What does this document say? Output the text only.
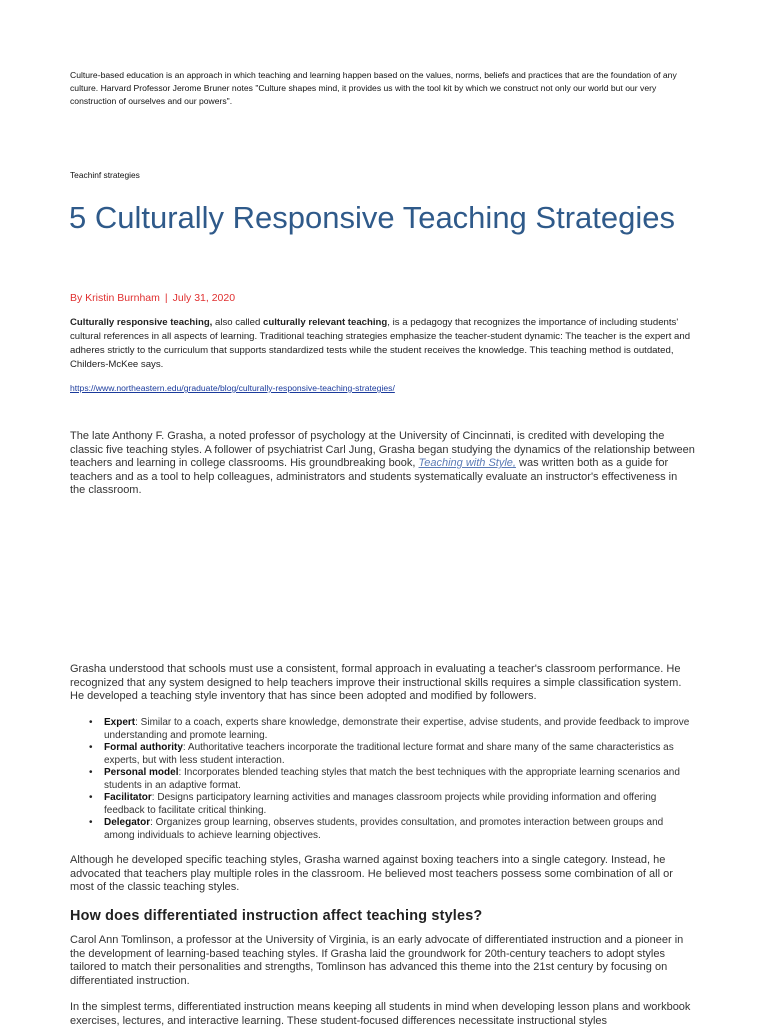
Culture-based education is an approach in which teaching and learning happen based on the values, norms, beliefs and practices that are the foundation of any culture. Harvard Professor Jerome Bruner notes "Culture shapes mind, it provides us with the tool kit by which we construct not only our world but our very construction of ourselves and our powers".

Teachinf strategies

5 Culturally Responsive Teaching Strategies

By Kristin Burnham | July 31, 2020

Culturally responsive teaching, also called culturally relevant teaching, is a pedagogy that recognizes the importance of including students' cultural references in all aspects of learning. Traditional teaching strategies emphasize the teacher-student dynamic: The teacher is the expert and adheres strictly to the curriculum that supports standardized tests while the student receives the knowledge. This teaching method is outdated, Childers-McKee says.

https://www.northeastern.edu/graduate/blog/culturally-responsive-teaching-strategies/

The late Anthony F. Grasha, a noted professor of psychology at the University of Cincinnati, is credited with developing the classic five teaching styles. A follower of psychiatrist Carl Jung, Grasha began studying the dynamics of the relationship between teachers and learning in college classrooms. His groundbreaking book, Teaching with Style, was written both as a guide for teachers and as a tool to help colleagues, administrators and students systematically evaluate an instructor's effectiveness in the classroom.

Grasha understood that schools must use a consistent, formal approach in evaluating a teacher's classroom performance. He recognized that any system designed to help teachers improve their instructional skills requires a simple classification system. He developed a teaching style inventory that has since been adopted and modified by followers.

• Expert: Similar to a coach, experts share knowledge, demonstrate their expertise, advise students, and provide feedback to improve understanding and promote learning.
• Formal authority: Authoritative teachers incorporate the traditional lecture format and share many of the same characteristics as experts, but with less student interaction.
• Personal model: Incorporates blended teaching styles that match the best techniques with the appropriate learning scenarios and students in an adaptive format.
• Facilitator: Designs participatory learning activities and manages classroom projects while providing information and offering feedback to facilitate critical thinking.
• Delegator: Organizes group learning, observes students, provides consultation, and promotes interaction between groups and among individuals to achieve learning objectives.

Although he developed specific teaching styles, Grasha warned against boxing teachers into a single category. Instead, he advocated that teachers play multiple roles in the classroom. He believed most teachers possess some combination of all or most of the classic teaching styles.

How does differentiated instruction affect teaching styles?

Carol Ann Tomlinson, a professor at the University of Virginia, is an early advocate of differentiated instruction and a pioneer in the development of learning-based teaching styles. If Grasha laid the groundwork for 20th-century teachers to adopt styles tailored to match their personalities and strengths, Tomlinson has advanced this theme into the 21st century by focusing on differentiated instruction.

In the simplest terms, differentiated instruction means keeping all students in mind when developing lesson plans and workbook exercises, lectures, and interactive learning. These student-focused differences necessitate instructional styles
